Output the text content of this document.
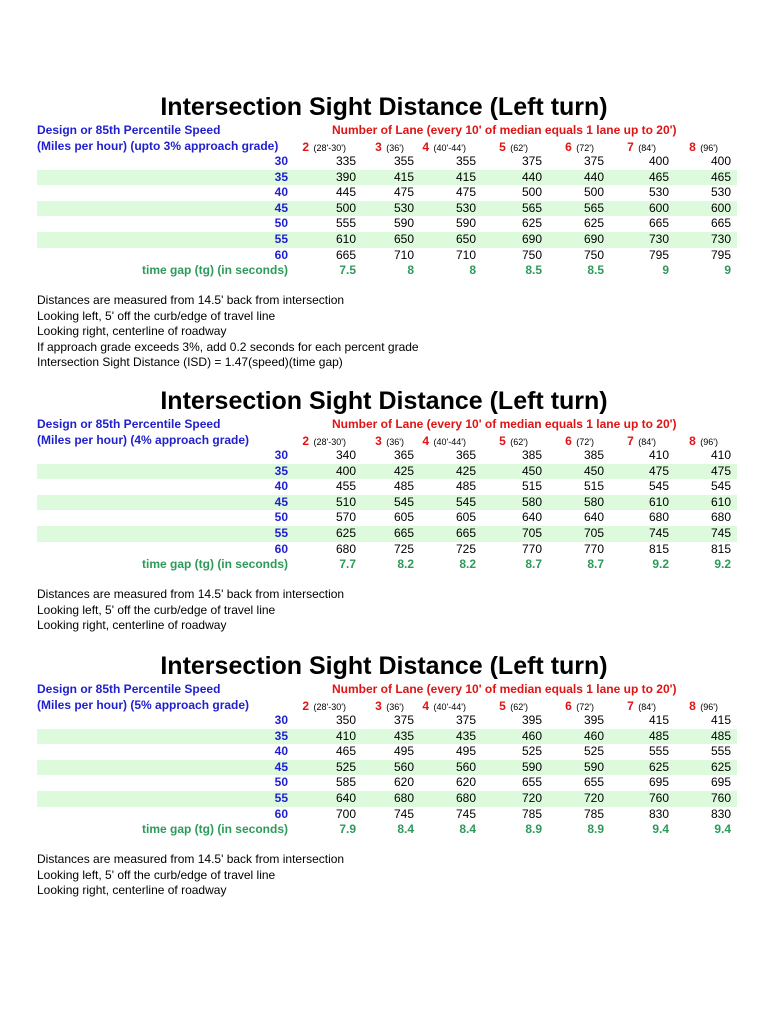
Intersection Sight Distance (Left turn)
Design or 85th Percentile Speed	Number of Lane (every 10' of median equals 1 lane up to 20')
(Miles per hour) (upto 3% approach grade)	2 (28'-30')	3 (36')	4 (40'-44')	5 (62')	6 (72')	7 (84')	8 (96')
30	335	355	355	375	375	400	400
35	390	415	415	440	440	465	465
40	445	475	475	500	500	530	530
45	500	530	530	565	565	600	600
50	555	590	590	625	625	665	665
55	610	650	650	690	690	730	730
60	665	710	710	750	750	795	795
time gap (tg) (in seconds)	7.5	8	8	8.5	8.5	9	9
Distances are measured from 14.5' back from intersection
Looking left, 5' off the curb/edge of travel line
Looking right, centerline of roadway
If approach grade exceeds 3%, add 0.2 seconds for each percent grade
Intersection Sight Distance (ISD) = 1.47(speed)(time gap)
Intersection Sight Distance (Left turn)
Design or 85th Percentile Speed	Number of Lane (every 10' of median equals 1 lane up to 20')
(Miles per hour) (4% approach grade)	2 (28'-30')	3 (36')	4 (40'-44')	5 (62')	6 (72')	7 (84')	8 (96')
30	340	365	365	385	385	410	410
35	400	425	425	450	450	475	475
40	455	485	485	515	515	545	545
45	510	545	545	580	580	610	610
50	570	605	605	640	640	680	680
55	625	665	665	705	705	745	745
60	680	725	725	770	770	815	815
time gap (tg) (in seconds)	7.7	8.2	8.2	8.7	8.7	9.2	9.2
Distances are measured from 14.5' back from intersection
Looking left, 5' off the curb/edge of travel line
Looking right, centerline of roadway
Intersection Sight Distance (Left turn)
Design or 85th Percentile Speed	Number of Lane (every 10' of median equals 1 lane up to 20')
(Miles per hour) (5% approach grade)	2 (28'-30')	3 (36')	4 (40'-44')	5 (62')	6 (72')	7 (84')	8 (96')
30	350	375	375	395	395	415	415
35	410	435	435	460	460	485	485
40	465	495	495	525	525	555	555
45	525	560	560	590	590	625	625
50	585	620	620	655	655	695	695
55	640	680	680	720	720	760	760
60	700	745	745	785	785	830	830
time gap (tg) (in seconds)	7.9	8.4	8.4	8.9	8.9	9.4	9.4
Distances are measured from 14.5' back from intersection
Looking left, 5' off the curb/edge of travel line
Looking right, centerline of roadway
